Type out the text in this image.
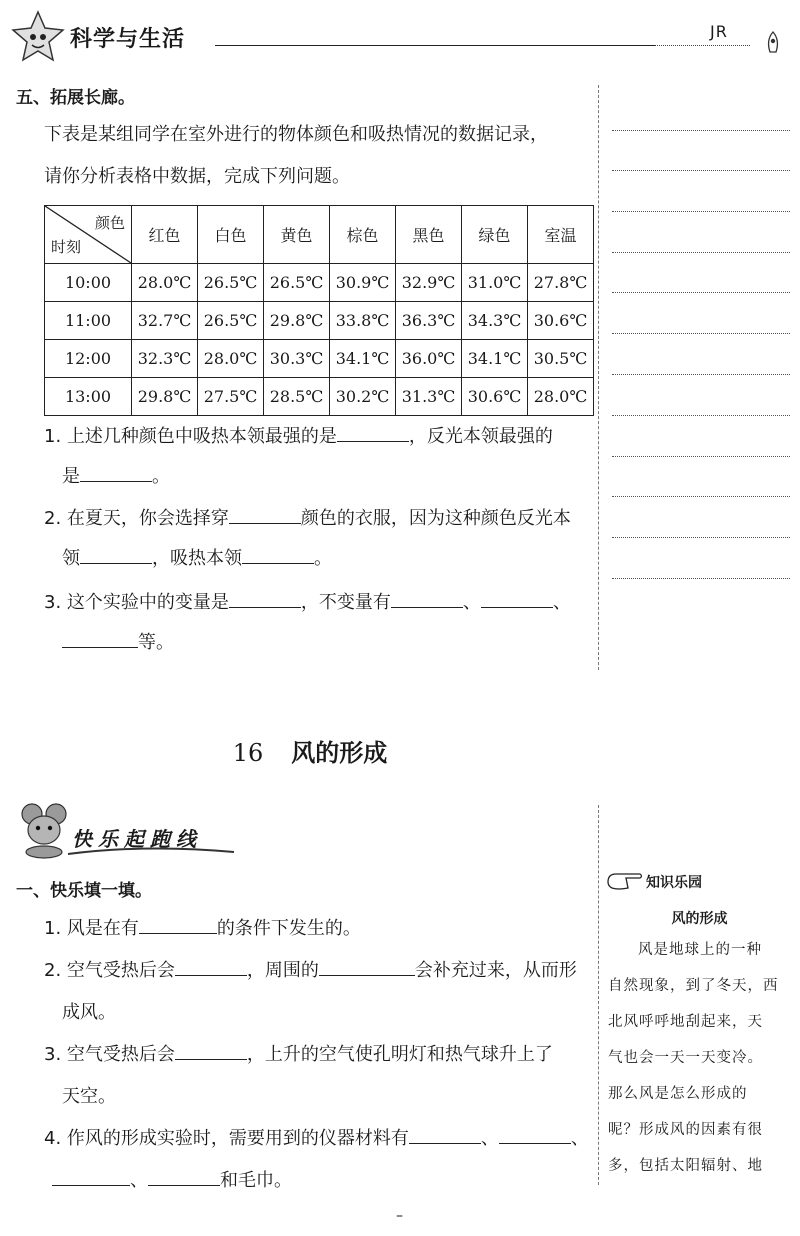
科学与生活	JR
五、拓展长廊。
下表是某组同学在室外进行的物体颜色和吸热情况的数据记录，
请你分析表格中数据，完成下列问题。
颜色
时刻	红色	白色	黄色	棕色	黑色	绿色	室温
10:00	28.0℃	26.5℃	26.5℃	30.9℃	32.9℃	31.0℃	27.8℃
11:00	32.7℃	26.5℃	29.8℃	33.8℃	36.3℃	34.3℃	30.6℃
12:00	32.3℃	28.0℃	30.3℃	34.1℃	36.0℃	34.1℃	30.5℃
13:00	29.8℃	27.5℃	28.5℃	30.2℃	31.3℃	30.6℃	28.0℃
1. 上述几种颜色中吸热本领最强的是	，反光本领最强的
是	。
2. 在夏天，你会选择穿	颜色的衣服，因为这种颜色反光本
领	，吸热本领	。
3. 这个实验中的变量是	，不变量有	、	、
等。
16 风的形成
快乐起跑线
知识乐园
风的形成
风是地球上的一种
自然现象，到了冬天，西
北风呼呼地刮起来，天
气也会一天一天变冷。
那么风是怎么形成的
呢？形成风的因素有很
多，包括太阳辐射、地
一、快乐填一填。
1. 风是在有	的条件下发生的。
2. 空气受热后会	，周围的	会补充过来，从而形
成风。
3. 空气受热后会	，上升的空气使孔明灯和热气球升上了
天空。
4. 作风的形成实验时，需要用到的仪器材料有	、	、
、	和毛巾。
–
